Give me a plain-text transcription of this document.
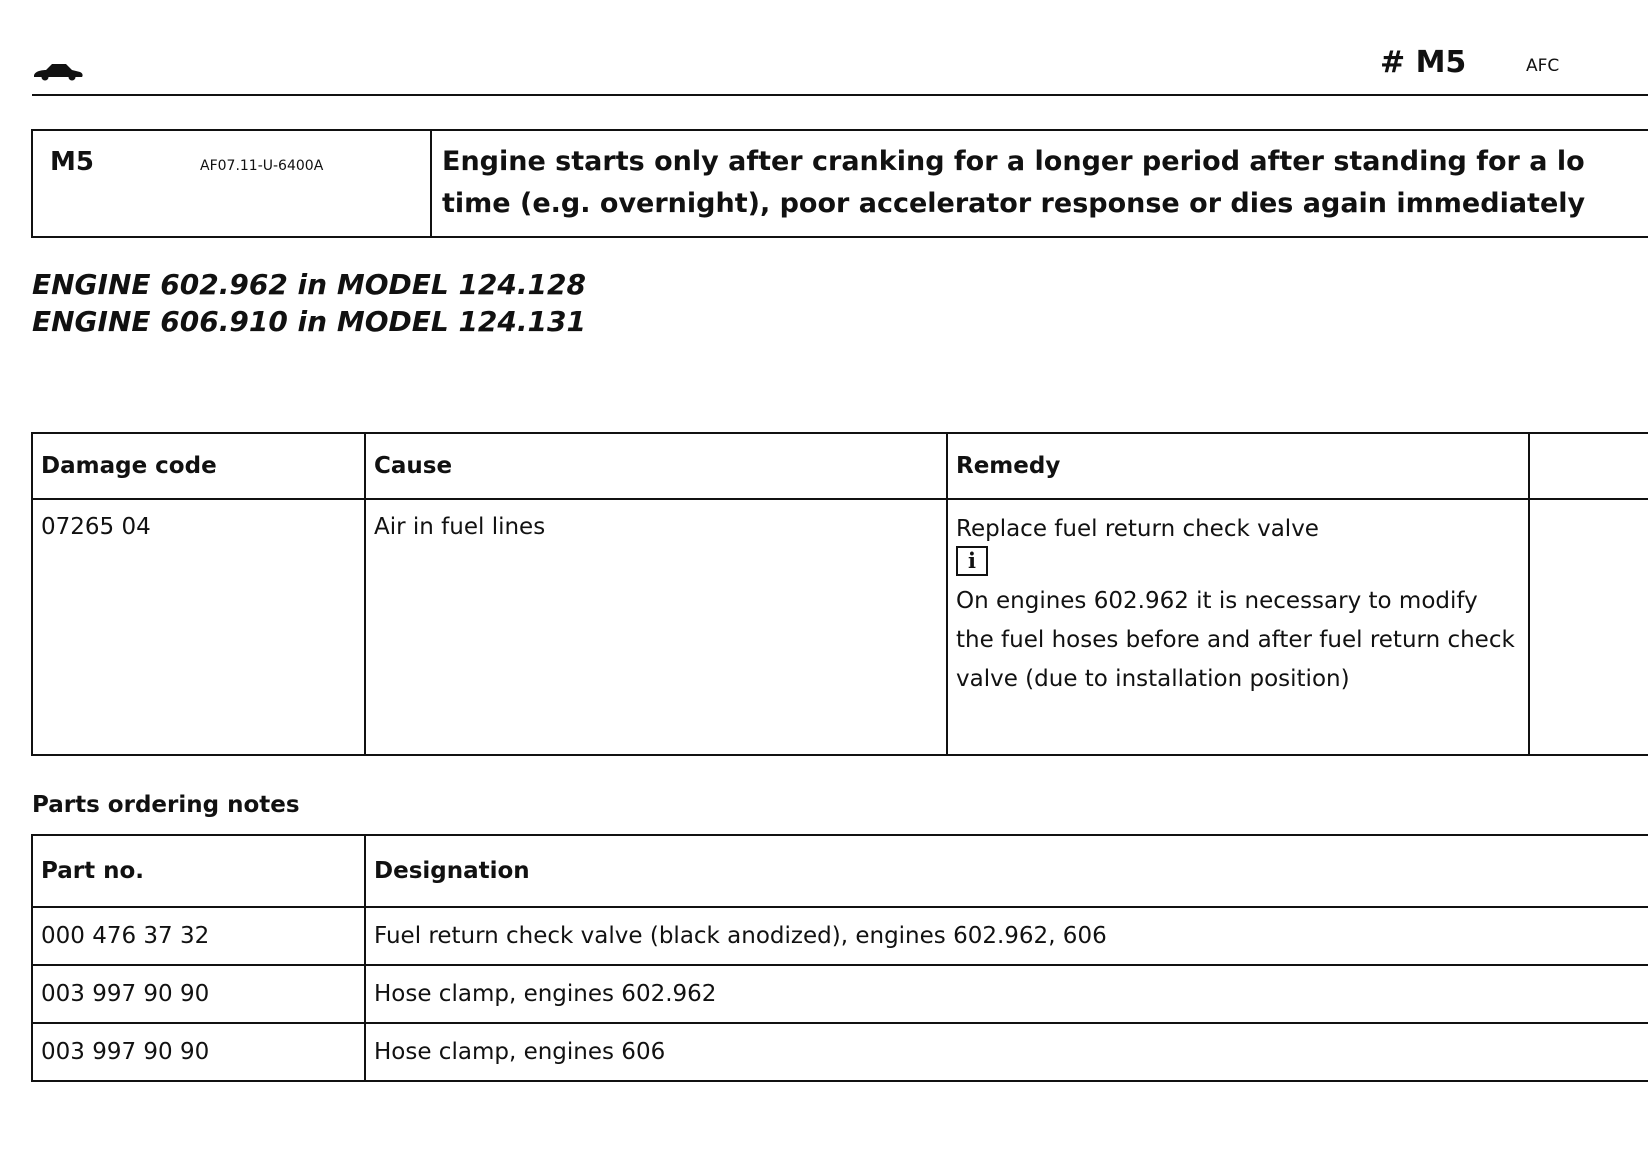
# M5	AFC
M5	AF07.11-U-6400A	Engine starts only after cranking for a longer period after standing for a lo
time (e.g. overnight), poor accelerator response or dies again immediately
ENGINE 602.962 in MODEL 124.128
ENGINE 606.910 in MODEL 124.131
Damage code	Cause	Remedy	
07265 04	Air in fuel lines	Replace fuel return check valve
i
On engines 602.962 it is necessary to modify the fuel hoses before and after fuel return check valve (due to installation position)	

Parts ordering notes
Part no.	Designation
000 476 37 32	Fuel return check valve (black anodized), engines 602.962, 606
003 997 90 90	Hose clamp, engines 602.962
003 997 90 90	Hose clamp, engines 606
